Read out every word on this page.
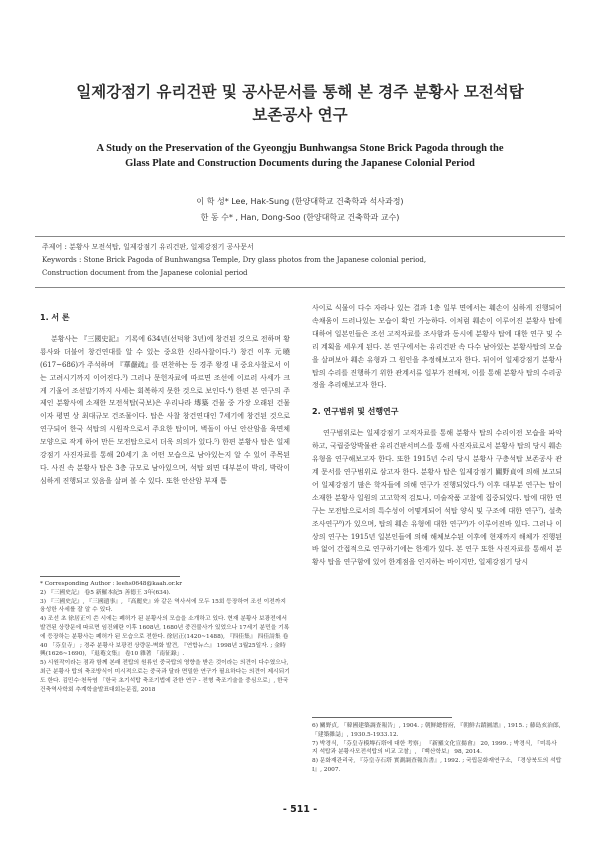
일제강점기 유리건판 및 공사문서를 통해 본 경주 분황사 모전석탑
보존공사 연구
A Study on the Preservation of the Gyeongju Bunhwangsa Stone Brick Pagoda through the
Glass Plate and Construction Documents during the Japanese Colonial Period
이 학 성* Lee, Hak-Sung (한양대학교 건축학과 석사과정)
한 동 수* , Han, Dong-Soo (한양대학교 건축학과 교수)
주제어 : 분황사 모전석탑, 일제강점기 유리건판, 일제강점기 공사문서
Keywords : Stone Brick Pagoda of Bunhwangsa Temple, Dry glass photos from the Japanese colonial period,
Construction document from the Japanese colonial period
1. 서 론

분황사는 『三國史記』 기록에 634년(선덕왕 3년)에 창건된 것으로 전하며 황룡사와 더불어 창건연대를 알 수 있는 중요한 신라사찰이다.²) 창건 이후 元曉(617~686)가 주석하며 『華嚴疏』를 편찬하는 등 경주 왕경 내 중요사찰로서 이는 고려시기까지 이어진다.³) 그러나 문헌자료에 따르면 조선에 이르러 사세가 크게 기울어 조선말기까지 사세는 회복하지 못한 것으로 보인다.⁴) 한편 본 연구의 주제인 분황사에 소재한 모전석탑(국보)은 우리나라 塼築 건물 중 가장 오래된 건물이자 평면 상 최대규모 건조물이다. 탑은 사찰 창건연대인 7세기에 창건된 것으로 연구되어 한국 석탑의 시원작으로서 주요한 탑이며, 벽돌이 아닌 안산암을 육면체 모양으로 작게 하여 만든 모전탑으로서 더욱 의의가 있다.⁵) 한편 분황사 탑은 일제강점기 사진자료를 통해 20세기 초 어떤 모습으로 남아있는지 알 수 있어 주목된다. 사진 속 분황사 탑은 3층 규모로 남아있으며, 석탑 외면 대부분이 박리, 박락이 심하게 진행되고 있음을 살펴 볼 수 있다. 또한 안산암 부재 틈

* Corresponding Author : leehs0648@kaah.or.kr
2) 『三國史記』 卷5 新羅本紀5 善德王 3年(634).
3) 『三國史記』, 『三國遺事』, 『高麗史』와 같은 역사서에 모두 15회 등장하여 조선 이전까지 융성한 사세를 잘 알 수 있다.
4) 조선 초 徐居正이 쓴 시에는 폐허가 된 분황사의 모습을 소개하고 있다. 현재 분황사 보광전에서 발견된 상량문에 따르면 임진왜란 이후 1608년, 1680년 중건불사가 있었으나 17세기 분민을 기록에 등장하는 분황사는 폐허가 된 모습으로 전한다. 徐居正(1420~1488), 『四佳集』 四佳詩集 卷40 「芬皇寺」 ; 경주 분황사 보광전 상량문-벽화 발견, 『연합뉴스』 1998년 3월25일자. ; 金時興(1626~1690), 『退菴文集』 卷10 雜著 「南征錄」.
5) 시원작이라는 점과 함께 본래 전탑의 원류인 중국탑의 영향을 받은 것이라는 의견이 다수였으나, 최근 분황사 탑의 축조방식이 미시적으로는 중국과 달라 면밀한 연구가 필요하다는 의견이 제시되기도 한다. 김민수·천득염 「한국 초기석탑 축조기법에 관한 연구 - 전형 축조기술을 중심으로」, 한국건축역사학회 추계학술발표대회논문집, 2018

사이로 식물이 다수 자라나 있는 결과 1층 일부 면에서는 훼손이 심하게 진행되어 속채움이 드러나있는 모습이 확인 가능하다. 이처럼 훼손이 이루어진 분황사 탑에 대하여 일본인들은 조선 고적자료를 조사함과 동시에 분황사 탑에 대한 연구 및 수리 계획을 세우게 된다. 본 연구에서는 유리건판 속 다수 남아있는 분황사탑의 모습을 살펴보아 훼손 유형과 그 원인을 추정해보고자 한다. 뒤이어 일제강점기 분황사 탑의 수리를 진행하기 위한 관계서류 일부가 전해져, 이를 통해 분황사 탑의 수리공정을 추리해보고자 한다.

2. 연구범위 및 선행연구

연구범위로는 일제강점기 고적자료를 통해 분황사 탑의 수리이전 모습을 파악하고, 국립중앙박물관 유리건판서비스를 통해 사진자료로서 분황사 탑의 당시 훼손유형을 연구해보고자 한다. 또한 1915년 수리 당시 분황사 구층석탑 보존공사 관계 문서를 연구범위로 삼고자 한다. 분황사 탑은 일제강점기 關野貞에 의해 보고되어 일제강점기 많은 학자들에 의해 연구가 진행되었다.⁶) 이후 대부분 연구는 탑이 소재한 분황사 일원의 고고학적 검토나, 미술작품 고찰에 집중되었다. 탑에 대한 연구는 모전탑으로서의 특수성이 어떻게되어 석탑 양식 및 구조에 대한 연구⁷), 설축조사연구⁸)가 있으며, 탑의 훼손 유형에 대한 연구⁹)가 이루어진바 있다. 그러나 이상의 연구는 1915년 일본인들에 의해 해체보수된 이후에 현재까지 해체가 진행된 바 없어 간접적으로 연구하기에는 한계가 있다. 본 연구 또한 사진자료를 통해서 분황사 탑을 연구함에 있어 한계점을 인지하는 바이지만, 일제강점기 당시

6) 關野貞, 「韓國建築調査報告」, 1904. ; 朝鮮總督府, 『朝鮮古蹟圖譜』, 1915. ; 藤島亥治郎, 「建築雜誌」, 1930.5-1933.12.
7) 박경식, 「芬皇寺模塼石塔에 대한 考察」 『新羅文化宣揚會』 20, 1999. ; 박경식, 「미륵사지 석탑과 분황사모전석탑의 비교 고찰」, 『백산학보』 98, 2014.
8) 문화재관리국, 『芬皇寺石塔 實測調査報告書』, 1992. ; 국립문화재연구소, 『경상북도의 석탑 Ⅰ』, 2007.
- 511 -
